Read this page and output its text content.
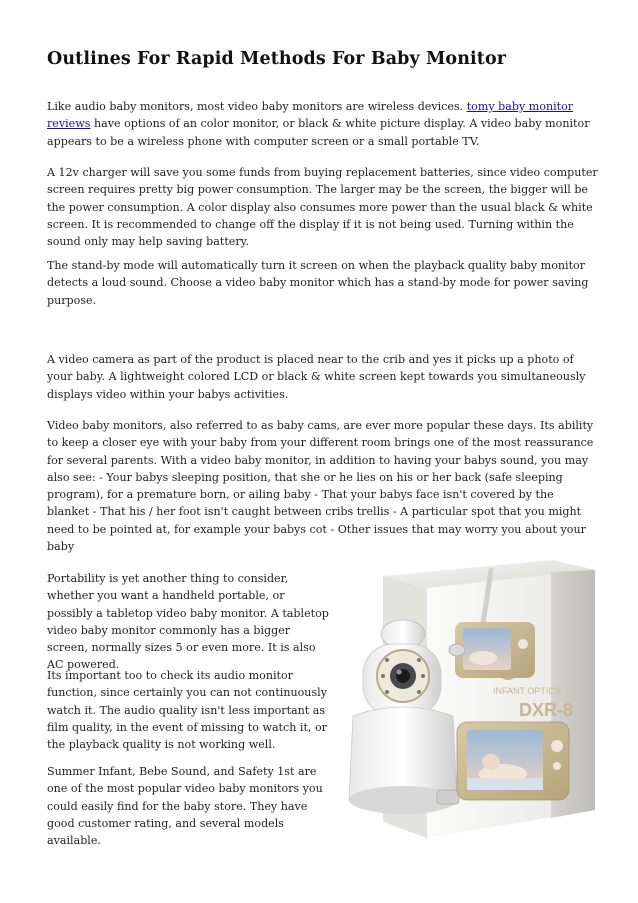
Outlines For Rapid Methods For Baby Monitor

Like audio baby monitors, most video baby monitors are wireless devices. tomy baby monitor reviews have options of an color monitor, or black & white picture display. A video baby monitor appears to be a wireless phone with computer screen or a small portable TV.

A 12v charger will save you some funds from buying replacement batteries, since video computer screen requires pretty big power consumption. The larger may be the screen, the bigger will be the power consumption. A color display also consumes more power than the usual black & white screen. It is recommended to change off the display if it is not being used. Turning within the sound only may help saving battery.

The stand-by mode will automatically turn it screen on when the playback quality baby monitor detects a loud sound. Choose a video baby monitor which has a stand-by mode for power saving purpose.

A video camera as part of the product is placed near to the crib and yes it picks up a photo of your baby. A lightweight colored LCD or black & white screen kept towards you simultaneously displays video within your babys activities.

Video baby monitors, also referred to as baby cams, are ever more popular these days. Its ability to keep a closer eye with your baby from your different room brings one of the most reassurance for several parents. With a video baby monitor, in addition to having your babys sound, you may also see: - Your babys sleeping position, that she or he lies on his or her back (safe sleeping program), for a premature born, or ailing baby - That your babys face isn't covered by the blanket - That his / her foot isn't caught between cribs trellis - A particular spot that you might need to be pointed at, for example your babys cot - Other issues that may worry you about your baby

Portability is yet another thing to consider, whether you want a handheld portable, or possibly a tabletop video baby monitor. A tabletop video baby monitor commonly has a bigger screen, normally sizes 5 or even more. It is also AC powered.

Its important too to check its audio monitor function, since certainly you can not continuously watch it. The audio quality isn't less important as film quality, in the event of missing to watch it, or the playback quality is not working well.

Summer Infant, Bebe Sound, and Safety 1st are one of the most popular video baby monitors you could easily find for the baby store. They have good customer rating, and several models available.

INFANT OPTICS
DXR-8
